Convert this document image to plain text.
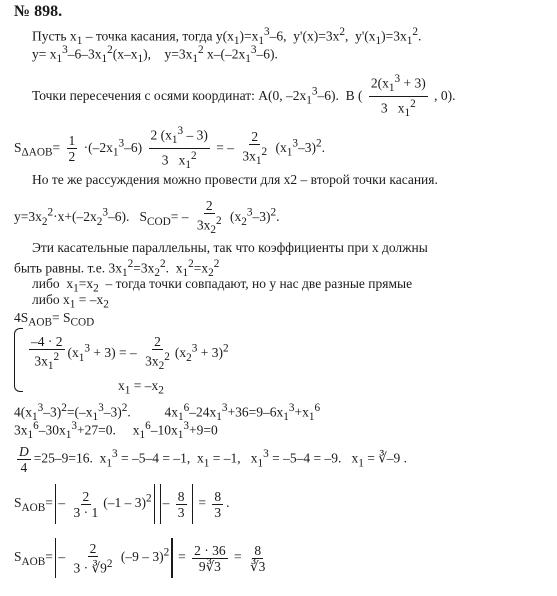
№ 898.
Пусть $x_1$ – точка касания, тогда $y(x_1)=x_1^3-6$,  $y'(x)=3x^2$,  $y'(x_1)=3x_1^2$.
$y= x_1^3-6-3x_1^2(x-x_1)$,    $y=3x_1^2$ $x-(-2x_1^3-6)$.
Точки пересечения с осями координат: A(0, $-2x_1^3-6$).  B ( $\frac{2(x_1^3 + 3)}{3 x_1^2}$ , 0).
$S_{\Delta AOB}= \frac{1}{2} \cdot(-2x_1^3-6) \frac{2 (x_1^3 - 3)}{3 x_1^2}$ = – $\frac{2}{3x_1^2} (x_1^3-3)^2$.
Но те же рассуждения можно провести для x2 – второй точки касания.
$y=3x_2^2\cdot x+(-2x_2^3-6)$.   $S_{COD}= - \frac{2}{3x_2^2} (x_2^3-3)^2$.
Эти касательные параллельны, так что коэффициенты при x должны
быть равны. т.е. $3x_1^2=3x_2^2$.  $x_1^2=x_2^2$
либо  $x_1=x_2$  – тогда точки совпадают, но у нас две разные прямые
либо $x_1 = -x_2$
$4S_{AOB}= S_{COD}$
$\frac{-4 \cdot 2}{3x_1^2} (x_1^3 + 3)$ = – $\frac{2}{3x_2^2} (x_2^3 + 3)^2$
$x_1 = -x_2$
$4(x_1^3-3)^2=(-x_1^3-3)^2$.          $4x_1^6-24x_1^3+36=9-6x_1^3+x_1^6$
$3x_1^6-30x_1^3+27=0$.     $x_1^6-10x_1^3+9=0$
$\frac{D}{4} =25-9=16$.  $x_1^3 = -5-4 = -1$,  $x_1 = -1$,   $x_1^3 = -5-4 = -9$.   $x_1$ = ∛–9 .
$S_{AOB}= - \frac{2}{3 \cdot 1} (-1 - 3)^2 - \frac{8}{3} = \frac{8}{3}$ .
$S_{AOB}= - \frac{2}{3 \cdot ∛9^2} (-9 - 3)^2 = \frac{2 \cdot 36}{9∛3} = \frac{8}{∛3}$
